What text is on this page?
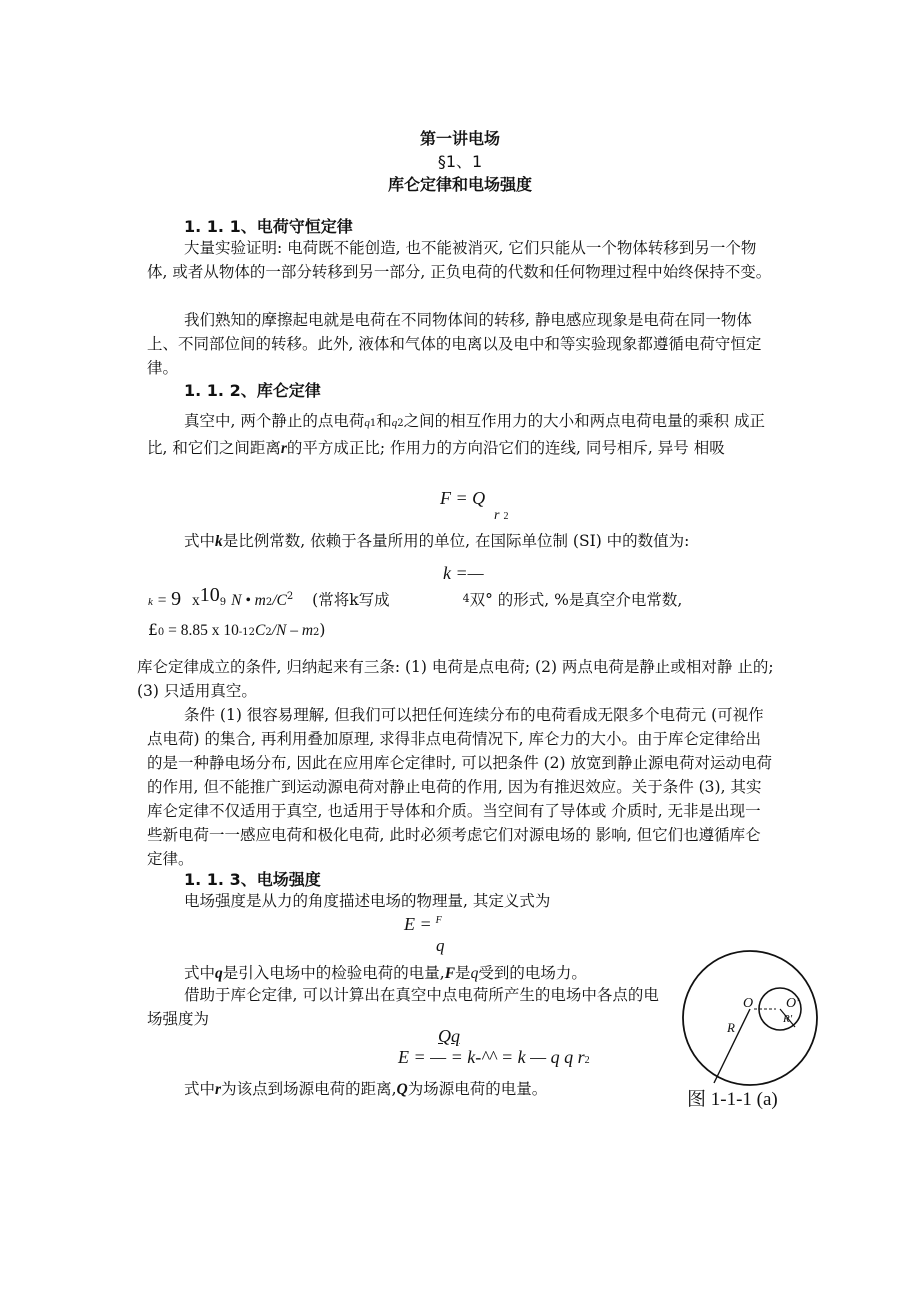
第一讲电场
§1、1
库仑定律和电场强度
1. 1. 1、电荷守恒定律
大量实验证明: 电荷既不能创造, 也不能被消灭, 它们只能从一个物体转移到另一个物体, 或者从物体的一部分转移到另一部分, 正负电荷的代数和任何物理过程中始终保持不变。
我们熟知的摩擦起电就是电荷在不同物体间的转移, 静电感应现象是电荷在同一物体上、不同部位间的转移。此外, 液体和气体的电离以及电中和等实验现象都遵循电荷守恒定律。
1. 1. 2、库仑定律
真空中, 两个静止的点电荷q1和q2之间的相互作用力的大小和两点电荷电量的乘积 成正比, 和它们之间距离r的平方成正比; 作用力的方向沿它们的连线, 同号相斥, 异号 相吸
F = Q
r 2
式中k是比例常数, 依赖于各量所用的单位, 在国际单位制 (SI) 中的数值为:
k =—
k = 9 x109 N • $m2/C^2$ (常将k写成	4双° 的形式, %是真空介电常数,
£0 = 8.85 x 10-12C2/N – m2)
库仑定律成立的条件, 归纳起来有三条: (1) 电荷是点电荷; (2) 两点电荷是静止或相对静 止的; (3) 只适用真空。
条件 (1) 很容易理解, 但我们可以把任何连续分布的电荷看成无限多个电荷元 (可视作点电荷) 的集合, 再利用叠加原理, 求得非点电荷情况下, 库仑力的大小。由于库仑定律给出的是一种静电场分布, 因此在应用库仑定律时, 可以把条件 (2) 放宽到静止源电荷对运动电荷的作用, 但不能推广到运动源电荷对静止电荷的作用, 因为有推迟效应。关于条件 (3), 其实库仑定律不仅适用于真空, 也适用于导体和介质。当空间有了导体或 介质时, 无非是出现一些新电荷一一感应电荷和极化电荷, 此时必须考虑它们对源电场的 影响, 但它们也遵循库仑定律。
1. 1. 3、电场强度
电场强度是从力的角度描述电场的物理量, 其定义式为
E = $^F$
q
式中q是引入电场中的检验电荷的电量,F是q受到的电场力。
借助于库仑定律, 可以计算出在真空中点电荷所产生的电场中各点的电场强度为
Qq
E = — = k-^^ = k — q q r2
式中r为该点到场源电荷的距离,Q为场源电荷的电量。
O O′
R
R′
图 1-1-1 (a)
